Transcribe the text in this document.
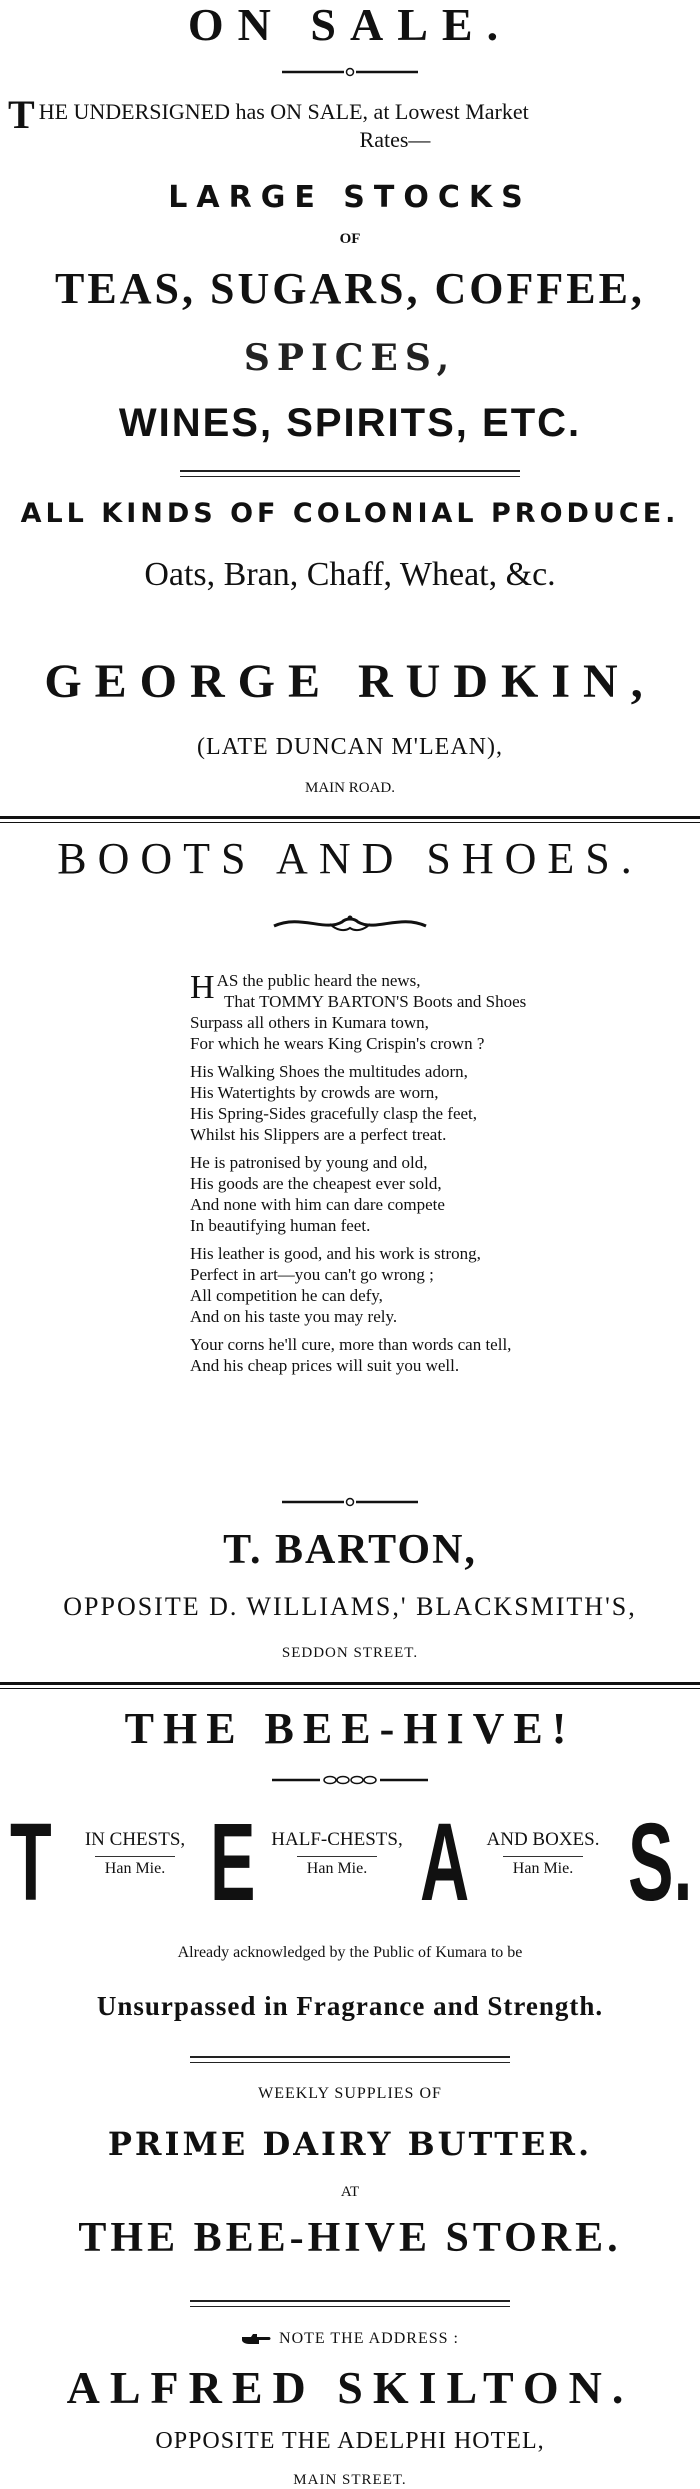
ON SALE.
T HE UNDERSIGNED has ON SALE, at Lowest Market
Rates—
LARGE STOCKS
OF
TEAS, SUGARS, COFFEE,
SPICES,
WINES, SPIRITS, ETC.
ALL KINDS OF COLONIAL PRODUCE.
Oats, Bran, Chaff, Wheat, &c.
GEORGE RUDKIN,
(LATE DUNCAN M'LEAN),
MAIN ROAD.
BOOTS AND SHOES.
H AS the public heard the news,
That TOMMY BARTON'S Boots and Shoes
Surpass all others in Kumara town,
For which he wears King Crispin's crown ?
His Walking Shoes the multitudes adorn,
His Watertights by crowds are worn,
His Spring-Sides gracefully clasp the feet,
Whilst his Slippers are a perfect treat.
He is patronised by young and old,
His goods are the cheapest ever sold,
And none with him can dare compete
In beautifying human feet.
His leather is good, and his work is strong,
Perfect in art—you can't go wrong ;
All competition he can defy,
And on his taste you may rely.
Your corns he'll cure, more than words can tell,
And his cheap prices will suit you well.
T. BARTON,
OPPOSITE D. WILLIAMS,' BLACKSMITH'S,
SEDDON STREET.
THE BEE-HIVE!
T	IN CHESTS,
Han Mie. E HALF-CHESTS,
Han Mie. A AND BOXES.
Han Mie. S.
Already acknowledged by the Public of Kumara to be
Unsurpassed in Fragrance and Strength.
WEEKLY SUPPLIES OF
PRIME DAIRY BUTTER.
AT
THE BEE-HIVE STORE.
NOTE THE ADDRESS :
ALFRED SKILTON.
OPPOSITE THE ADELPHI HOTEL,
MAIN STREET.
